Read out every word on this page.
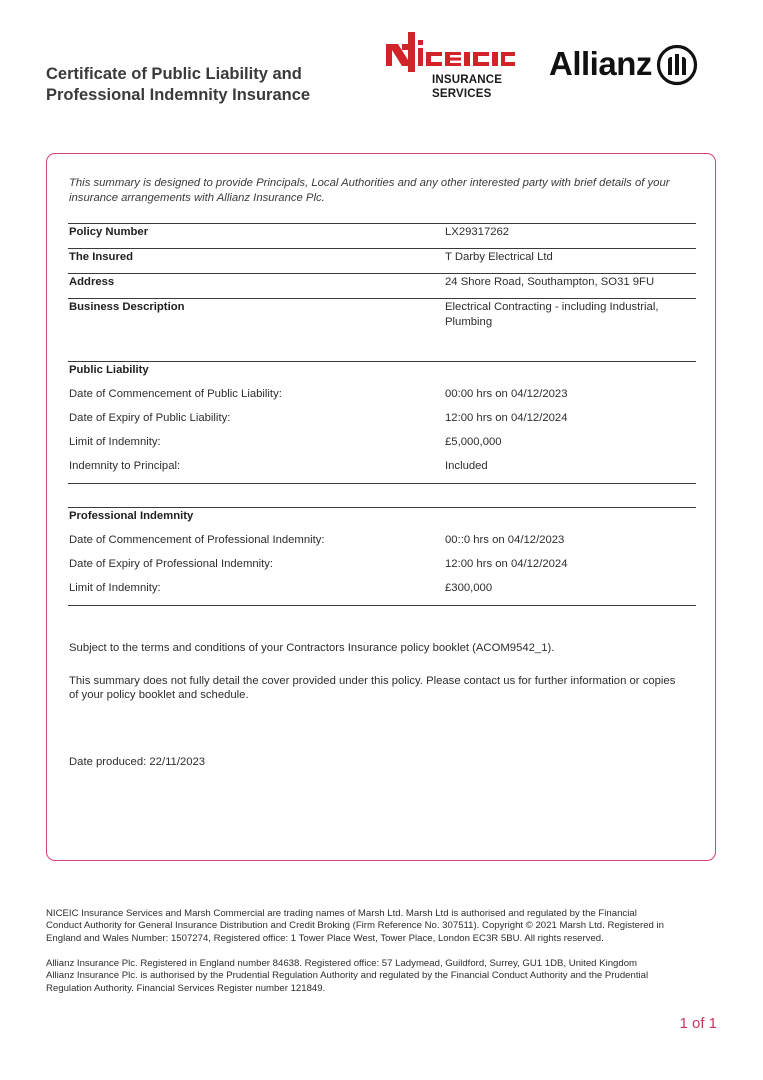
Certificate of Public Liability and
Professional Indemnity Insurance
INSURANCE
SERVICES
Allianz
This summary is designed to provide Principals, Local Authorities and any other interested party with brief details of your insurance arrangements with Allianz Insurance Plc.
Policy Number	LX29317262
The Insured	T Darby Electrical Ltd
Address	24 Shore Road, Southampton, SO31 9FU
Business Description	Electrical Contracting - including Industrial,
Plumbing
Public Liability
Date of Commencement of Public Liability:	00:00 hrs on 04/12/2023
Date of Expiry of Public Liability:	12:00 hrs on 04/12/2024
Limit of Indemnity:	£5,000,000
Indemnity to Principal:	Included
Professional Indemnity
Date of Commencement of Professional Indemnity:	00::0 hrs on 04/12/2023
Date of Expiry of Professional Indemnity:	12:00 hrs on 04/12/2024
Limit of Indemnity:	£300,000
Subject to the terms and conditions of your Contractors Insurance policy booklet (ACOM9542_1).
This summary does not fully detail the cover provided under this policy. Please contact us for further information or copies
of your policy booklet and schedule.
Date produced: 22/11/2023
NICEIC Insurance Services and Marsh Commercial are trading names of Marsh Ltd. Marsh Ltd is authorised and regulated by the Financial
Conduct Authority for General Insurance Distribution and Credit Broking (Firm Reference No. 307511). Copyright © 2021 Marsh Ltd. Registered in
England and Wales Number: 1507274, Registered office: 1 Tower Place West, Tower Place, London EC3R 5BU. All rights reserved.
Allianz Insurance Plc. Registered in England number 84638. Registered office: 57 Ladymead, Guildford, Surrey, GU1 1DB, United Kingdom
Allianz Insurance Plc. is authorised by the Prudential Regulation Authority and regulated by the Financial Conduct Authority and the Prudential
Regulation Authority. Financial Services Register number 121849.
1 of 1
